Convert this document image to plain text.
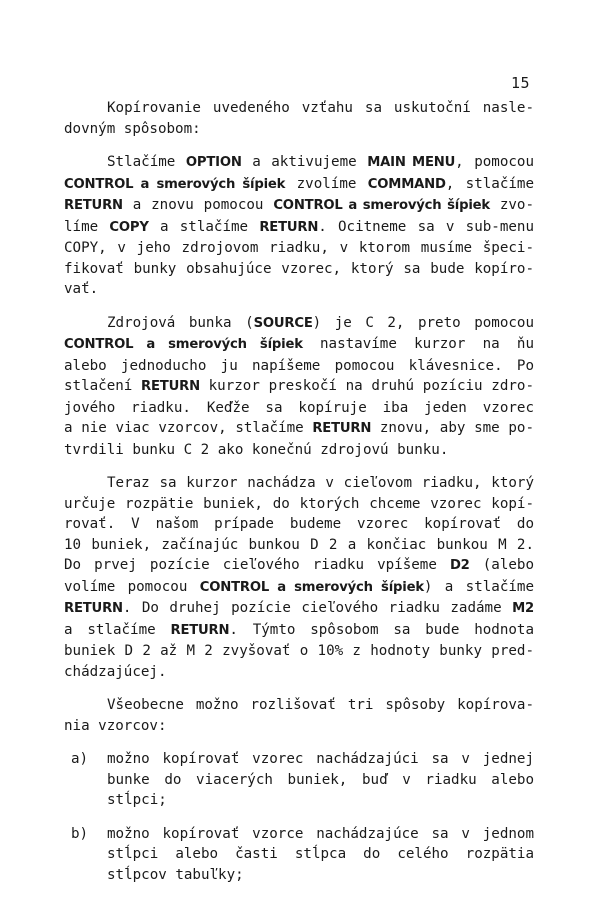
15
Kopírovanie uvedeného vzťahu sa uskutoční nasle-
dovným spôsobom:
Stlačíme OPTION a aktivujeme MAIN MENU, pomocou
CONTROL a smerových šípiek zvolíme COMMAND, stlačíme
RETURN a znovu pomocou CONTROL a smerových šípiek zvo-
líme COPY a stlačíme RETURN. Ocitneme sa v sub-menu
COPY, v jeho zdrojovom riadku, v ktorom musíme špeci-
fikovať bunky obsahujúce vzorec, ktorý sa bude kopíro-
vať.
Zdrojová bunka (SOURCE) je C 2, preto pomocou
CONTROL a smerových šípiek nastavíme kurzor na ňu
alebo jednoducho ju napíšeme pomocou klávesnice. Po
stlačení RETURN kurzor preskočí na druhú pozíciu zdro-
jového riadku. Keďže sa kopíruje iba jeden vzorec
a nie viac vzorcov, stlačíme RETURN znovu, aby sme po-
tvrdili bunku C 2 ako konečnú zdrojovú bunku.
Teraz sa kurzor nachádza v cieľovom riadku, ktorý
určuje rozpätie buniek, do ktorých chceme vzorec kopí-
rovať. V našom prípade budeme vzorec kopírovať do
10 buniek, začínajúc bunkou D 2 a končiac bunkou M 2.
Do prvej pozície cieľového riadku vpíšeme D2 (alebo
volíme pomocou CONTROL a smerových šípiek) a stlačíme
RETURN. Do druhej pozície cieľového riadku zadáme M2
a stlačíme RETURN. Týmto spôsobom sa bude hodnota
buniek D 2 až M 2 zvyšovať o 10% z hodnoty bunky pred-
chádzajúcej.
Všeobecne možno rozlišovať tri spôsoby kopírova-
nia vzorcov:
a) možno kopírovať vzorec nachádzajúci sa v jednej
bunke do viacerých buniek, buď v riadku alebo
stĺpci;
b) možno kopírovať vzorce nachádzajúce sa v jednom
stĺpci alebo časti stĺpca do celého rozpätia
stĺpcov tabuľky;
